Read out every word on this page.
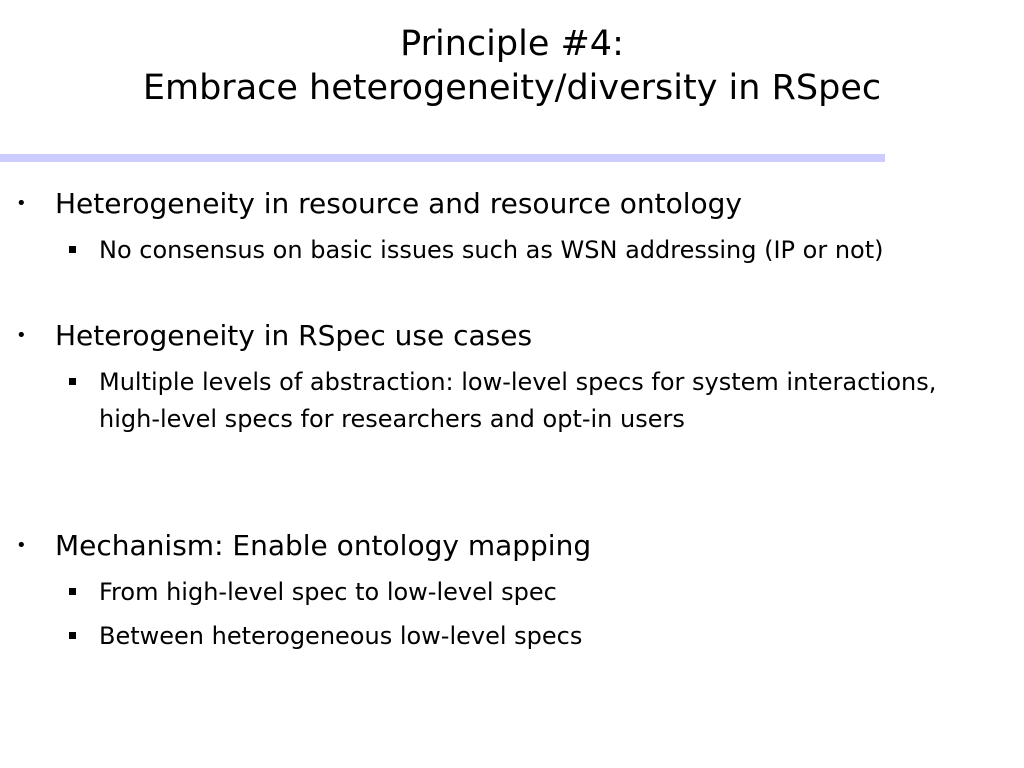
Principle #4:
Embrace heterogeneity/diversity in RSpec
• Heterogeneity in resource and resource ontology
No consensus on basic issues such as WSN addressing (IP or not)
• Heterogeneity in RSpec use cases
Multiple levels of abstraction: low-level specs for system interactions, high-level specs for researchers and opt-in users
• Mechanism: Enable ontology mapping
From high-level spec to low-level spec
Between heterogeneous low-level specs
